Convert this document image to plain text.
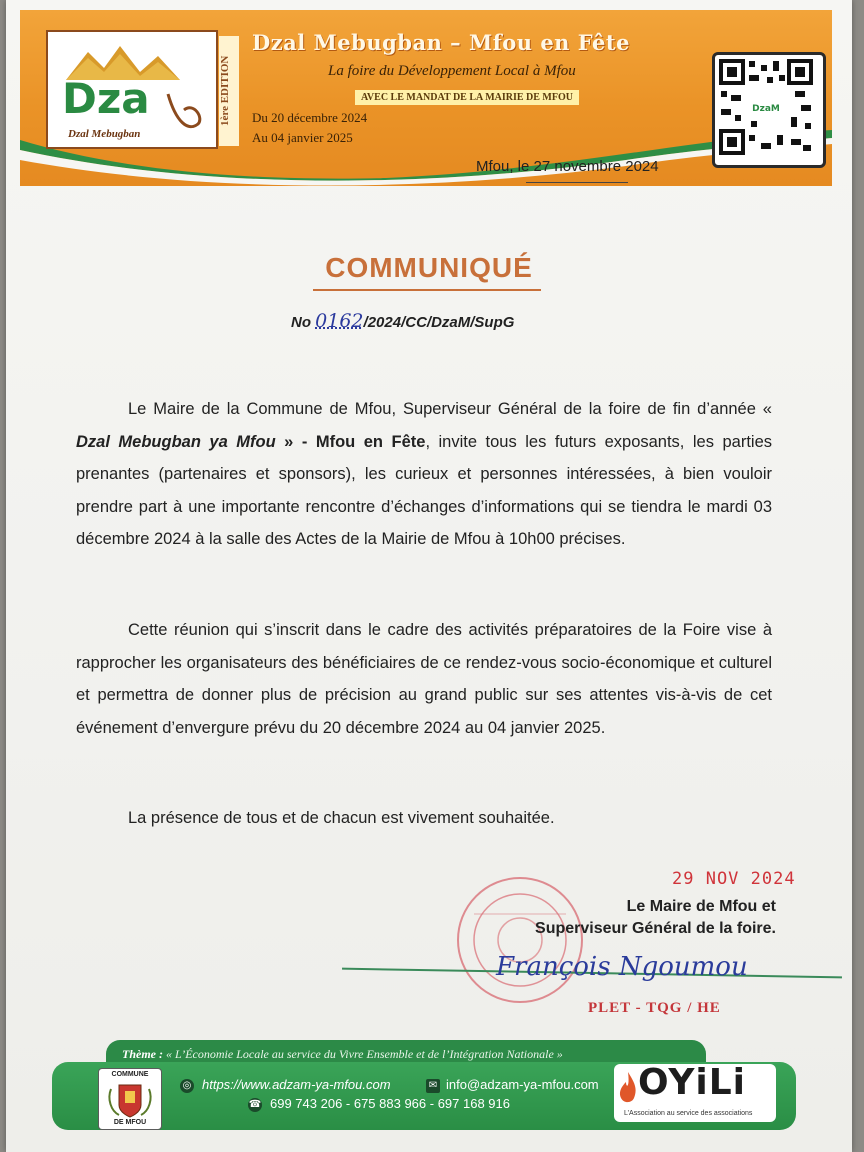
Dza
Dzal Mebugban
1ère EDITION
Dzal Mebugban – Mfou en Fête
La foire du Développement Local à Mfou
AVEC LE MANDAT DE LA MAIRIE DE MFOU
Du 20 décembre 2024
Au 04 janvier 2025
DzaM
Mfou, le 27 novembre 2024
COMMUNIQUÉ
No 0162/2024/CC/DzaM/SupG

Le Maire de la Commune de Mfou, Superviseur Général de la foire de fin d’année « Dzal Mebugban ya Mfou » - Mfou en Fête, invite tous les futurs exposants, les parties prenantes (partenaires et sponsors), les curieux et personnes intéressées, à bien vouloir prendre part à une importante rencontre d’échanges d’informations qui se tiendra le mardi 03 décembre 2024 à la salle des Actes de la Mairie de Mfou à 10h00 précises.

Cette réunion qui s’inscrit dans le cadre des activités préparatoires de la Foire vise à rapprocher les organisateurs des bénéficiaires de ce rendez-vous socio-économique et culturel et permettra de donner plus de précision au grand public sur ses attentes vis-à-vis de cet événement d’envergure prévu du 20 décembre 2024 au 04 janvier 2025.

La présence de tous et de chacun est vivement souhaitée.

29 NOV 2024
Le Maire de Mfou et
Superviseur Général de la foire.
François Ngoumou
PLET - TQG / HE
Thème : « L’Économie Locale au service du Vivre Ensemble et de l’Intégration Nationale »
COMMUNE
DE MFOU
◎ https://www.adzam-ya-mfou.com	✉ info@adzam-ya-mfou.com
☎ 699 743 206 - 675 883 966 - 697 168 916
OYiLi
L’Association au service des associations
